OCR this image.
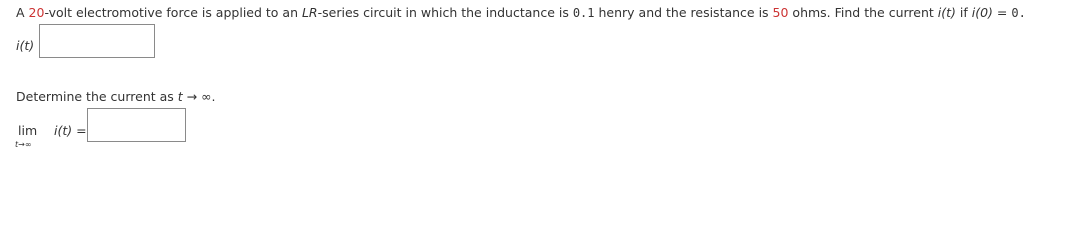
A 20-volt electromotive force is applied to an LR-series circuit in which the inductance is 0.1 henry and the resistance is 50 ohms. Find the current i(t) if i(0) = 0.
i(t)
Determine the current as t → ∞.
lim
t→∞
i(t) =
